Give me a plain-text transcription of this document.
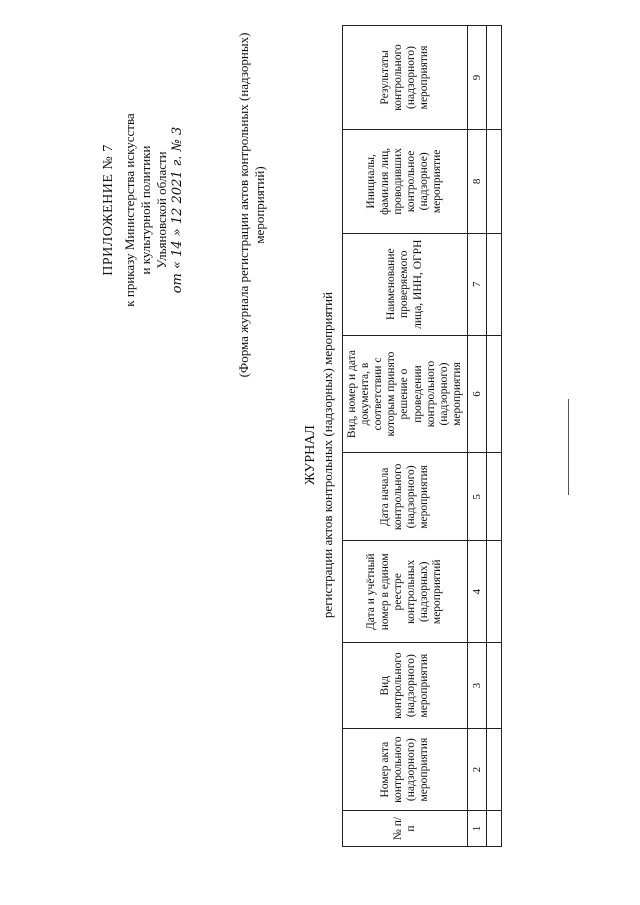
ПРИЛОЖЕНИЕ № 7 к приказу Министерства искусства и культурной политики Ульяновской области от « 14 » 12 2021 г. № 3	(Форма журнала регистрации актов контрольных (надзорных) мероприятий)
ЖУРНАЛ регистрации актов контрольных (надзорных) мероприятий
№ п/п	Номер акта контрольного (надзорного) мероприятия	Вид контрольного (надзорного) мероприятия	Дата и учётный номер в едином реестре контрольных (надзорных) мероприятий	Дата начала контрольного (надзорного) мероприятия	Вид, номер и дата документа, в соответствии с которым принято решение о проведении контрольного (надзорного) мероприятия	Наименование проверяемого лица, ИНН, ОГРН	Инициалы, фамилия лиц, проводивших контрольное (надзорное) мероприятие	Результаты контрольного (надзорного) мероприятия
1	2	3	4	5	6	7	8	9
